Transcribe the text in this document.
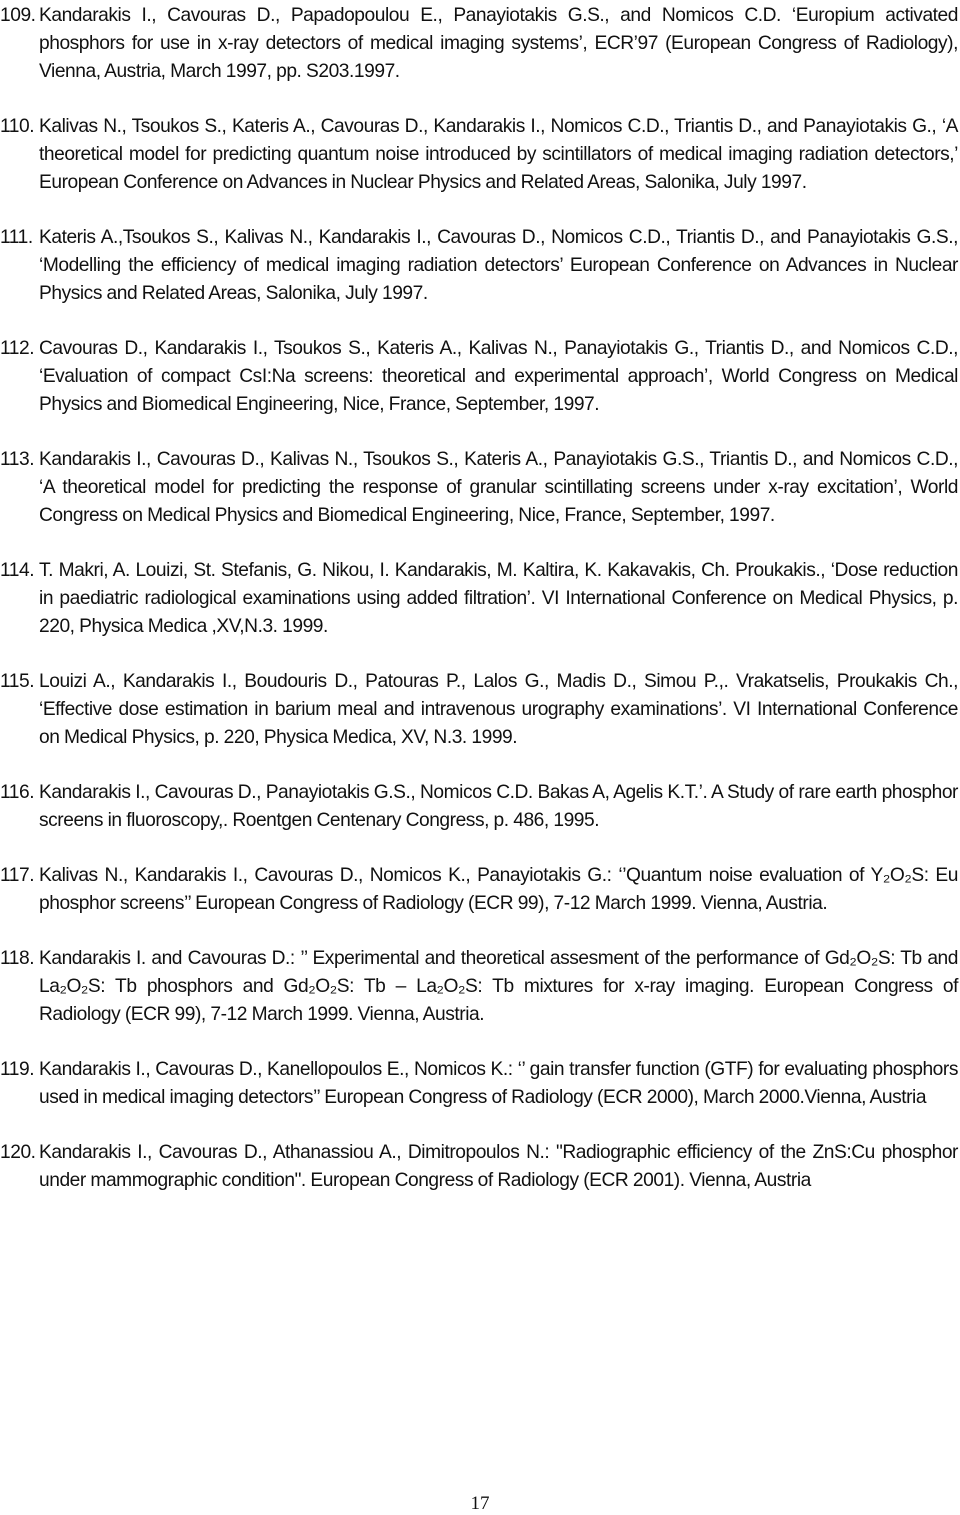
109. Kandarakis I., Cavouras D., Papadopoulou E., Panayiotakis G.S., and Nomicos C.D. ‘Europium activated phosphors for use in x-ray detectors of medical imaging systems’, ECR’97 (European Congress of Radiology), Vienna, Austria, March 1997, pp. S203.1997.
110. Kalivas N., Tsoukos S., Kateris A., Cavouras D., Kandarakis I., Nomicos C.D., Triantis D., and Panayiotakis G., ‘A theoretical model for predicting quantum noise introduced by scintillators of medical imaging radiation detectors,’ European Conference on Advances in Nuclear Physics and Related Areas, Salonika, July 1997.
111. Kateris A.,Tsoukos S., Kalivas N., Kandarakis I., Cavouras D., Nomicos C.D., Triantis D., and Panayiotakis G.S., ‘Modelling the efficiency of medical imaging radiation detectors’ European Conference on Advances in Nuclear Physics and Related Areas, Salonika, July 1997.
112. Cavouras D., Kandarakis I., Tsoukos S., Kateris A., Kalivas N., Panayiotakis G., Triantis D., and Nomicos C.D., ‘Evaluation of compact CsI:Na screens: theoretical and experimental approach’, World Congress on Medical Physics and Biomedical Engineering, Nice, France, September, 1997.
113. Kandarakis I., Cavouras D., Kalivas N., Tsoukos S., Kateris A., Panayiotakis G.S., Triantis D., and Nomicos C.D., ‘A theoretical model for predicting the response of granular scintillating screens under x-ray excitation’, World Congress on Medical Physics and Biomedical Engineering, Nice, France, September, 1997.
114. T. Makri, A. Louizi, St. Stefanis, G. Nikou, I. Kandarakis, M. Kaltira, K. Kakavakis, Ch. Proukakis., ‘Dose reduction in paediatric radiological examinations using added filtration’. VI International Conference on Medical Physics, p. 220, Physica Medica ,XV,N.3. 1999.
115. Louizi A., Kandarakis I., Boudouris D., Patouras P., Lalos G., Madis D., Simou P.,. Vrakatselis, Proukakis Ch., ‘Effective dose estimation in barium meal and intravenous urography examinations’. VI International Conference on Medical Physics, p. 220, Physica Medica, XV, N.3. 1999.
116. Kandarakis I., Cavouras D., Panayiotakis G.S., Nomicos C.D. Bakas A, Agelis K.T.’. A Study of rare earth phosphor screens in fluoroscopy,. Roentgen Centenary Congress, p. 486, 1995.
117. Kalivas N., Kandarakis I., Cavouras D., Nomicos K., Panayiotakis G.: ‘’Quantum noise evaluation of Y₂O₂S: Eu phosphor screens’’ European Congress of Radiology (ECR 99), 7-12 March 1999. Vienna, Austria.
118. Kandarakis I. and Cavouras D.: ’’ Experimental and theoretical assesment of the performance of Gd₂O₂S: Tb and La₂O₂S: Tb phosphors and Gd₂O₂S: Tb – La₂O₂S: Tb mixtures for x-ray imaging. European Congress of Radiology (ECR 99), 7-12 March 1999. Vienna, Austria.
119. Kandarakis I., Cavouras D., Kanellopoulos E., Nomicos K.: ‘’ gain transfer function (GTF) for evaluating phosphors used in medical imaging detectors’’ European Congress of Radiology (ECR 2000), March 2000.Vienna, Austria
120. Kandarakis I., Cavouras D., Athanassiou A., Dimitropoulos N.: "Radiographic efficiency of the ZnS:Cu phosphor under mammographic condition". European Congress of Radiology (ECR 2001). Vienna, Austria
17
